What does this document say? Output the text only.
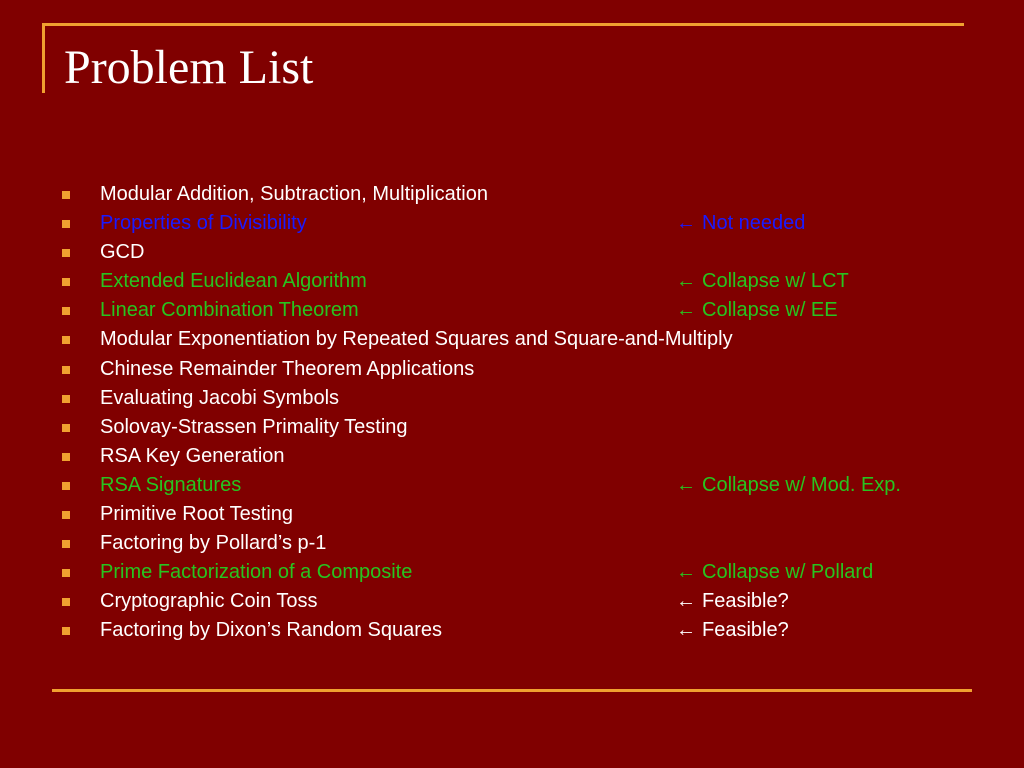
Problem List
Modular Addition, Subtraction, Multiplication
Properties of Divisibility	← Not needed
GCD
Extended Euclidean Algorithm	← Collapse w/ LCT
Linear Combination Theorem	← Collapse w/ EE
Modular Exponentiation by Repeated Squares and Square-and-Multiply
Chinese Remainder Theorem Applications
Evaluating Jacobi Symbols
Solovay-Strassen Primality Testing
RSA Key Generation
RSA Signatures	← Collapse w/ Mod. Exp.
Primitive Root Testing
Factoring by Pollard’s p-1
Prime Factorization of a Composite	← Collapse w/ Pollard
Cryptographic Coin Toss	← Feasible?
Factoring by Dixon’s Random Squares	← Feasible?
